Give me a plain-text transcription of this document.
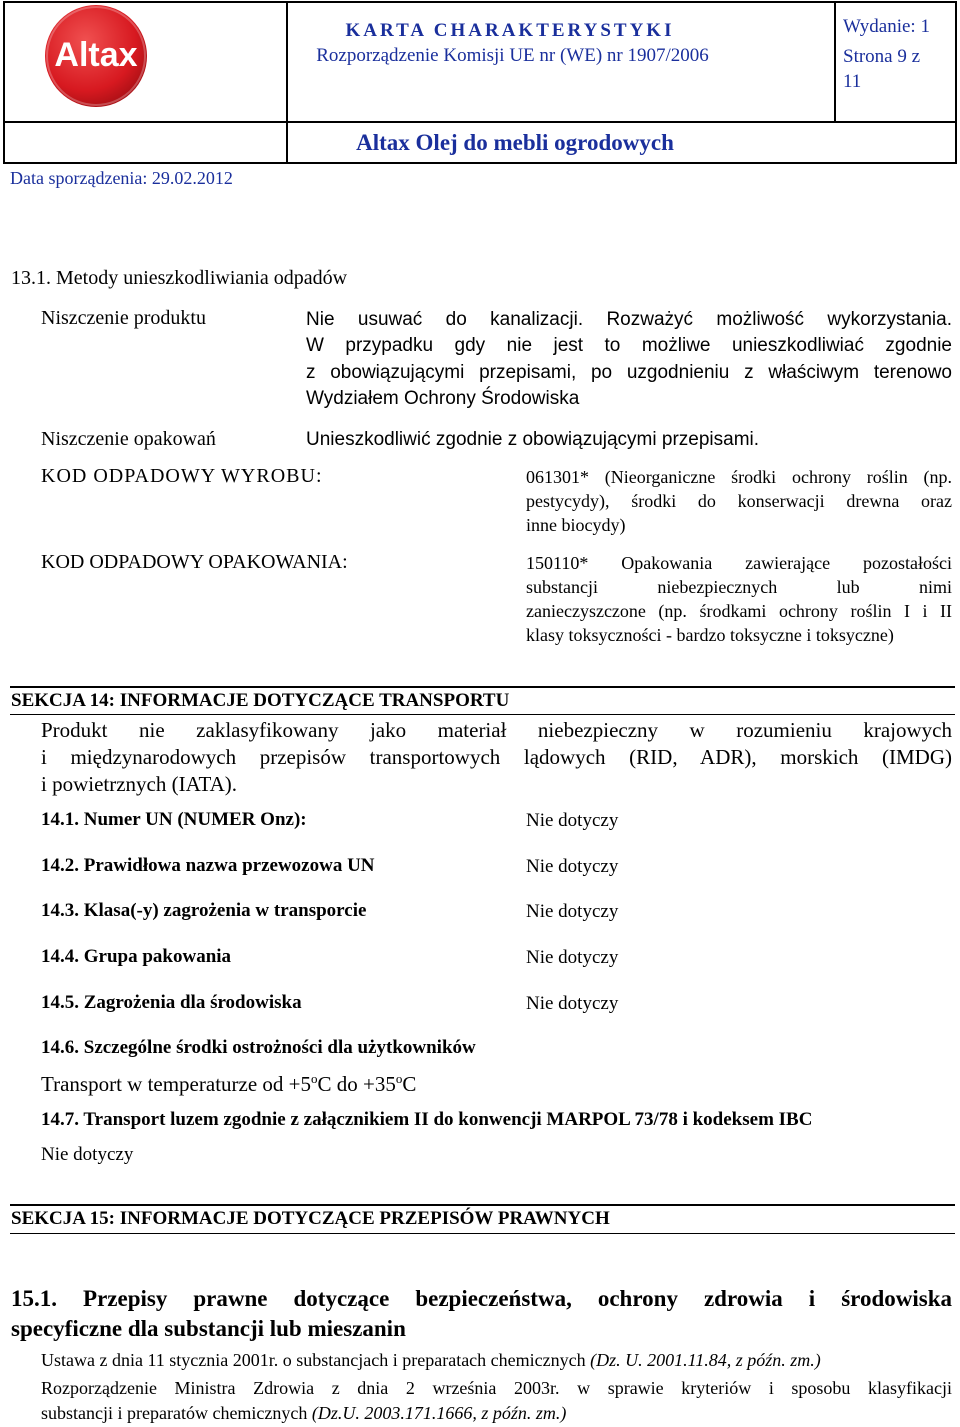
Altax
KARTA CHARAKTERYSTYKI
Rozporządzenie Komisji UE nr (WE) nr 1907/2006
Altax Olej do mebli ogrodowych
Wydanie: 1
Strona 9 z
11
Data sporządzenia: 29.02.2012
13.1. Metody unieszkodliwiania odpadów
Niszczenie produktu	Nie usuwać do kanalizacji. Rozważyć możliwość wykorzystania.
W przypadku gdy nie jest to możliwe unieszkodliwiać zgodnie
z obowiązującymi przepisami, po uzgodnieniu z właściwym terenowo
Wydziałem Ochrony Środowiska
Niszczenie opakowań	Unieszkodliwić zgodnie z obowiązującymi przepisami.
KOD ODPADOWY WYROBU:	061301* (Nieorganiczne środki ochrony roślin (np.
pestycydy), środki do konserwacji drewna oraz
inne biocydy)
KOD ODPADOWY OPAKOWANIA:	150110* Opakowania zawierające pozostałości
substancji niebezpiecznych lub nimi
zanieczyszczone (np. środkami ochrony roślin I i II
klasy toksyczności - bardzo toksyczne i toksyczne)
SEKCJA 14: INFORMACJE DOTYCZĄCE TRANSPORTU
Produkt nie zaklasyfikowany jako materiał niebezpieczny w rozumieniu krajowych
i międzynarodowych przepisów transportowych lądowych (RID, ADR), morskich (IMDG)
i powietrznych (IATA).
14.1. Numer UN (NUMER Onz):	Nie dotyczy
14.2. Prawidłowa nazwa przewozowa UN	Nie dotyczy
14.3. Klasa(-y) zagrożenia w transporcie	Nie dotyczy
14.4. Grupa pakowania	Nie dotyczy
14.5. Zagrożenia dla środowiska	Nie dotyczy
14.6. Szczególne środki ostrożności dla użytkowników
Transport w temperaturze od $+5^oC$ do $+35^oC$
14.7. Transport luzem zgodnie z załącznikiem II do konwencji MARPOL 73/78 i kodeksem IBC
Nie dotyczy
SEKCJA 15: INFORMACJE DOTYCZĄCE PRZEPISÓW PRAWNYCH
15.1. Przepisy prawne dotyczące bezpieczeństwa, ochrony zdrowia i środowiska
specyficzne dla substancji lub mieszanin
Ustawa z dnia 11 stycznia 2001r. o substancjach i preparatach chemicznych (Dz. U. 2001.11.84, z późn. zm.)
Rozporządzenie Ministra Zdrowia z dnia 2 września 2003r. w sprawie kryteriów i sposobu klasyfikacji
substancji i preparatów chemicznych (Dz.U. 2003.171.1666, z późn. zm.)
